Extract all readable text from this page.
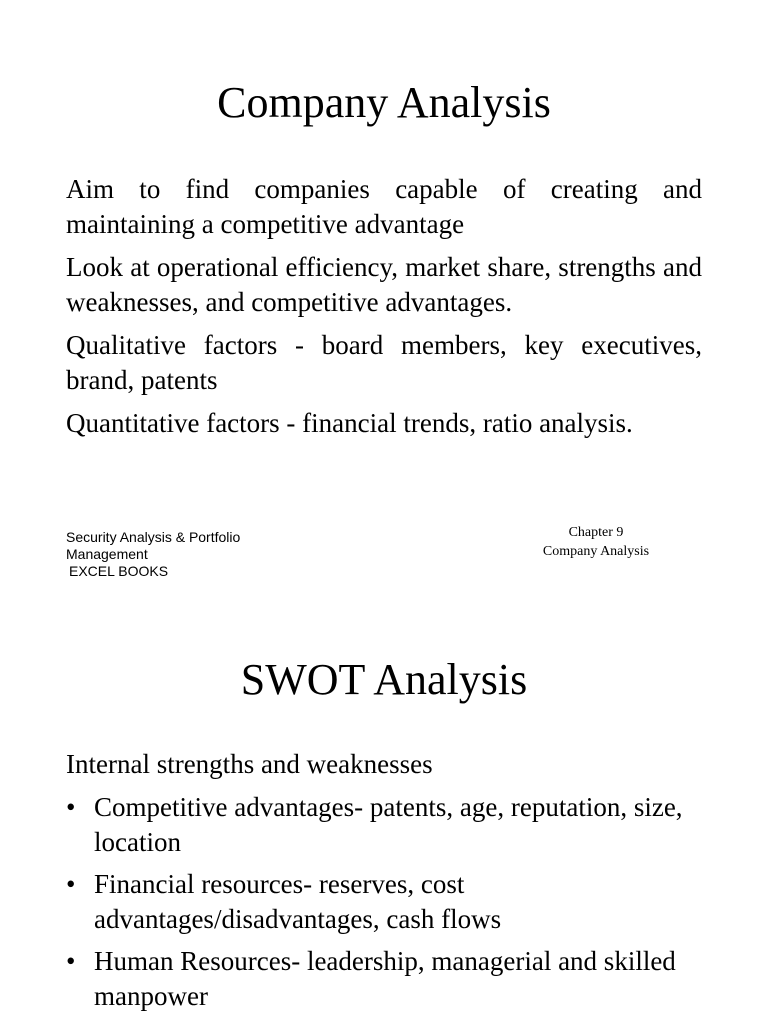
Company Analysis
Aim to find companies capable of creating and maintaining a competitive advantage
Look at operational efficiency, market share, strengths and weaknesses, and competitive advantages.
Qualitative factors - board members, key executives, brand, patents
Quantitative factors - financial trends, ratio analysis.
Security Analysis & Portfolio Management
EXCEL BOOKS
Chapter 9
Company Analysis
SWOT Analysis

Internal strengths and weaknesses

• Competitive advantages- patents, age, reputation, size, location
• Financial resources- reserves, cost advantages/disadvantages, cash flows
• Human Resources- leadership, managerial and skilled manpower
